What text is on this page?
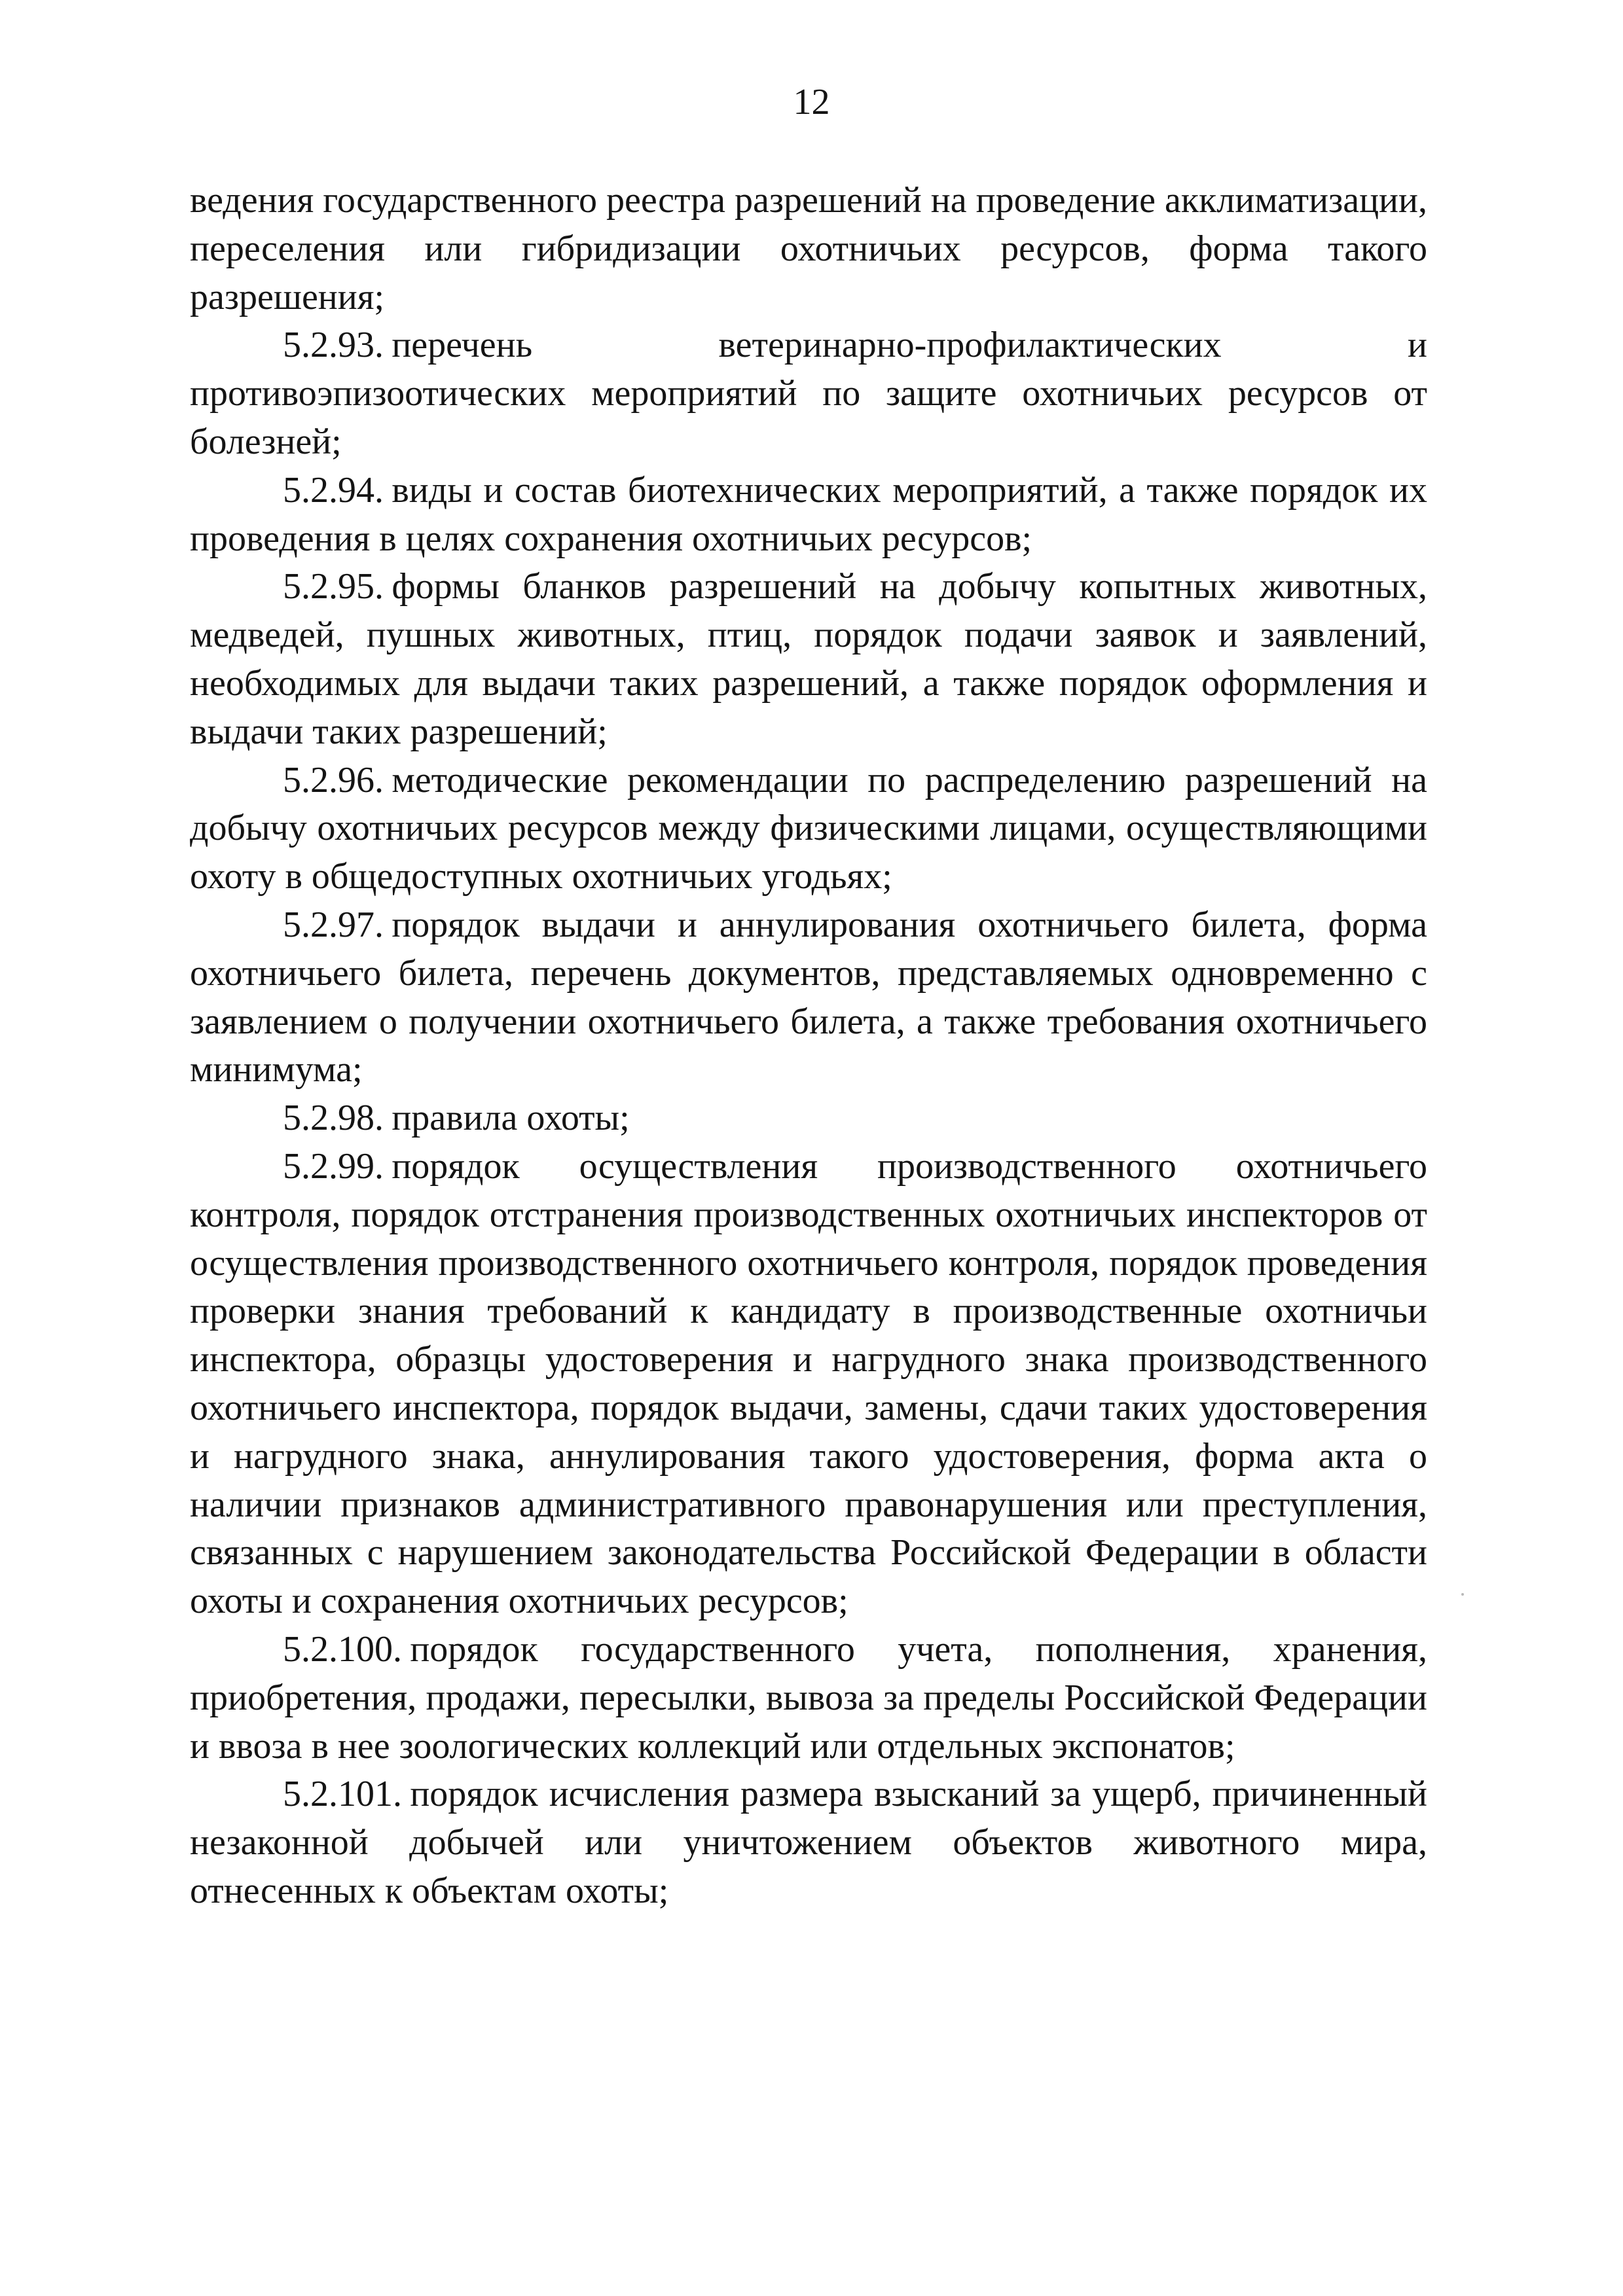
12

ведения государственного реестра разрешений на проведение акклиматизации, переселения или гибридизации охотничьих ресурсов, форма такого разрешения;

5.2.93. перечень ветеринарно-профилактических и противоэпизоотических мероприятий по защите охотничьих ресурсов от болезней;

5.2.94. виды и состав биотехнических мероприятий, а также порядок их проведения в целях сохранения охотничьих ресурсов;

5.2.95. формы бланков разрешений на добычу копытных животных, медведей, пушных животных, птиц, порядок подачи заявок и заявлений, необходимых для выдачи таких разрешений, а также порядок оформления и выдачи таких разрешений;

5.2.96. методические рекомендации по распределению разрешений на добычу охотничьих ресурсов между физическими лицами, осуществляющими охоту в общедоступных охотничьих угодьях;

5.2.97. порядок выдачи и аннулирования охотничьего билета, форма охотничьего билета, перечень документов, представляемых одновременно с заявлением о получении охотничьего билета, а также требования охотничьего минимума;

5.2.98. правила охоты;

5.2.99. порядок осуществления производственного охотничьего контроля, порядок отстранения производственных охотничьих инспекторов от осуществления производственного охотничьего контроля, порядок проведения проверки знания требований к кандидату в производственные охотничьи инспектора, образцы удостоверения и нагрудного знака производственного охотничьего инспектора, порядок выдачи, замены, сдачи таких удостоверения и нагрудного знака, аннулирования такого удостоверения, форма акта о наличии признаков административного правонарушения или преступления, связанных с нарушением законодательства Российской Федерации в области охоты и сохранения охотничьих ресурсов;

5.2.100. порядок государственного учета, пополнения, хранения, приобретения, продажи, пересылки, вывоза за пределы Российской Федерации и ввоза в нее зоологических коллекций или отдельных экспонатов;

5.2.101. порядок исчисления размера взысканий за ущерб, причиненный незаконной добычей или уничтожением объектов животного мира, отнесенных к объектам охоты;
